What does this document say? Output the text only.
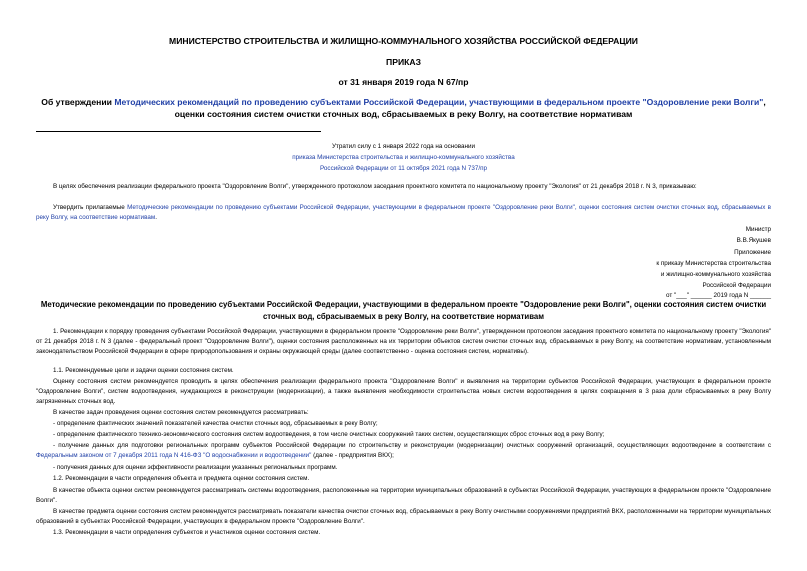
МИНИСТЕРСТВО СТРОИТЕЛЬСТВА И ЖИЛИЩНО-КОММУНАЛЬНОГО ХОЗЯЙСТВА РОССИЙСКОЙ ФЕДЕРАЦИИ
ПРИКАЗ
от 31 января 2019 года N 67/пр
Об утверждении Методических рекомендаций по проведению субъектами Российской Федерации, участвующими в федеральном проекте "Оздоровление реки Волги", оценки состояния систем очистки сточных вод, сбрасываемых в реку Волгу, на соответствие нормативам
Утратил силу с 1 января 2022 года на основании
приказа Министерства строительства и жилищно-коммунального хозяйства
Российской Федерации от 11 октября 2021 года N 737/пр
В целях обеспечения реализации федерального проекта "Оздоровление Волги", утвержденного протоколом заседания проектного комитета по национальному проекту "Экология" от 21 декабря 2018 г. N 3, приказываю:
Утвердить прилагаемые Методические рекомендации по проведению субъектами Российской Федерации, участвующими в федеральном проекте "Оздоровление реки Волги", оценки состояния систем очистки сточных вод, сбрасываемых в реку Волгу, на соответствие нормативам.
Министр
В.В.Якушев
Приложение
к приказу Министерства строительства
и жилищно-коммунального хозяйства
Российской Федерации
от "___" ______ 2019 года N ______
Методические рекомендации по проведению субъектами Российской Федерации, участвующими в федеральном проекте "Оздоровление реки Волги", оценки состояния систем очистки сточных вод, сбрасываемых в реку Волгу, на соответствие нормативам
1. Рекомендации к порядку проведения субъектами Российской Федерации, участвующими в федеральном проекте "Оздоровление реки Волги", утвержденном протоколом заседания проектного комитета по национальному проекту "Экология" от 21 декабря 2018 г. N 3 (далее - федеральный проект "Оздоровление Волги"), оценки состояния расположенных на их территории объектов систем очистки сточных вод, сбрасываемых в реку Волгу, на соответствие нормативам, установленным законодательством Российской Федерации в сфере природопользования и охраны окружающей среды (далее соответственно - оценка состояния систем, нормативы).
1.1. Рекомендуемые цели и задачи оценки состояния систем.
Оценку состояния систем рекомендуется проводить в целях обеспечения реализации федерального проекта "Оздоровление Волги" и выявления на территории субъектов Российской Федерации, участвующих в федеральном проекте "Оздоровление Волги", систем водоотведения, нуждающихся в реконструкции (модернизации), а также выявления необходимости строительства новых систем водоотведения в целях сокращения в 3 раза доли сбрасываемых в реку Волгу загрязненных сточных вод.
В качестве задач проведения оценки состояния систем рекомендуется рассматривать:
- определение фактических значений показателей качества очистки сточных вод, сбрасываемых в реку Волгу;
- определение фактического технико-экономического состояния систем водоотведения, в том числе очистных сооружений таких систем, осуществляющих сброс сточных вод в реку Волгу;
- получение данных для подготовки региональных программ субъектов Российской Федерации по строительству и реконструкции (модернизации) очистных сооружений организаций, осуществляющих водоотведение в соответствии с Федеральным законом от 7 декабря 2011 года N 416-ФЗ "О водоснабжении и водоотведении" (далее - предприятия ВКХ);
- получения данных для оценки эффективности реализации указанных региональных программ.
1.2. Рекомендации в части определения объекта и предмета оценки состояния систем.
В качестве объекта оценки систем рекомендуется рассматривать системы водоотведения, расположенные на территории муниципальных образований в субъектах Российской Федерации, участвующих в федеральном проекте "Оздоровление Волги".
В качестве предмета оценки состояния систем рекомендуется рассматривать показатели качества очистки сточных вод, сбрасываемых в реку Волгу очистными сооружениями предприятий ВКХ, расположенными на территории муниципальных образований в субъектах Российской Федерации, участвующих в федеральном проекте "Оздоровление Волги".
1.3. Рекомендации в части определения субъектов и участников оценки состояния систем.
